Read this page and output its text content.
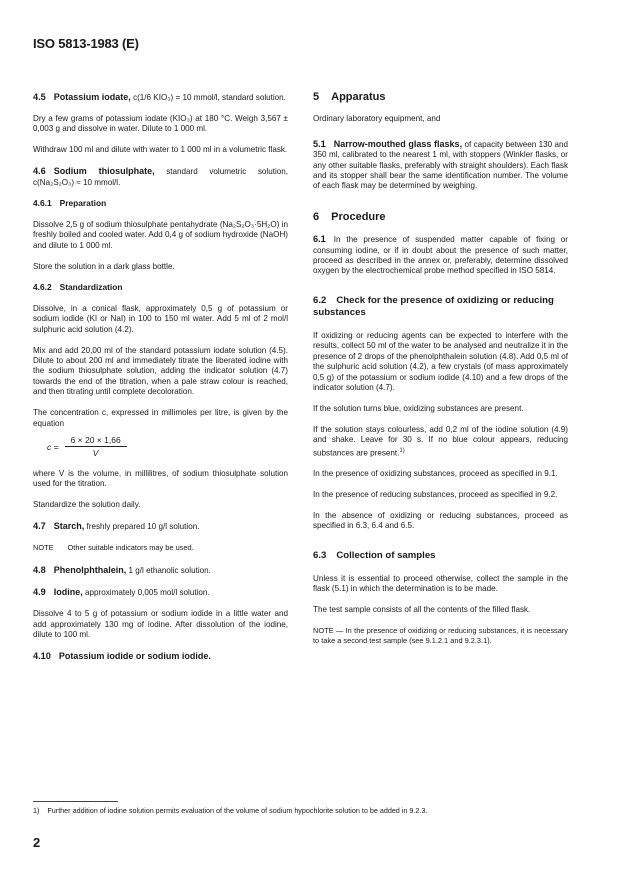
ISO 5813-1983 (E)

4.5 Potassium iodate, c(1/6 KIO₃) = 10 mmol/l, standard solution.

Dry a few grams of potassium iodate (KIO₃) at 180 °C. Weigh 3,567 ± 0,003 g and dissolve in water. Dilute to 1 000 ml.

Withdraw 100 ml and dilute with water to 1 000 ml in a volumetric flask.

4.6 Sodium thiosulphate, standard volumetric solution, c(Na₂S₂O₃) ≈ 10 mmol/l.

4.6.1 Preparation

Dissolve 2,5 g of sodium thiosulphate pentahydrate (Na₂S₂O₃·5H₂O) in freshly boiled and cooled water. Add 0,4 g of sodium hydroxide (NaOH) and dilute to 1 000 ml.

Store the solution in a dark glass bottle.

4.6.2 Standardization

Dissolve, in a conical flask, approximately 0,5 g of potassium or sodium iodide (KI or NaI) in 100 to 150 ml water. Add 5 ml of 2 mol/l sulphuric acid solution (4.2).

Mix and add 20,00 ml of the standard potassium iodate solution (4.5). Dilute to about 200 ml and immediately titrate the liberated iodine with the sodium thiosulphate solution, adding the indicator solution (4.7) towards the end of the titration, when a pale straw colour is reached, and then titrating until complete decoloration.

The concentration c, expressed in millimoles per litre, is given by the equation

$c = \frac{6 \times 20 \times 1,66}{V}$

where V is the volume, in millilitres, of sodium thiosulphate solution used for the titration.

Standardize the solution daily.

4.7 Starch, freshly prepared 10 g/l solution.

NOTE Other suitable indicators may be used.

4.8 Phenolphthalein, 1 g/l ethanolic solution.

4.9 Iodine, approximately 0,005 mol/l solution.

Dissolve 4 to 5 g of potassium or sodium iodide in a little water and add approximately 130 mg of iodine. After dissolution of the iodine, dilute to 100 ml.

4.10 Potassium iodide or sodium iodide.

5 Apparatus

Ordinary laboratory equipment, and

5.1 Narrow-mouthed glass flasks, of capacity between 130 and 350 ml, calibrated to the nearest 1 ml, with stoppers (Winkler flasks, or any other suitable flasks, preferably with straight shoulders). Each flask and its stopper shall bear the same identification number. The volume of each flask may be determined by weighing.

6 Procedure

6.1 In the presence of suspended matter capable of fixing or consuming iodine, or if in doubt about the presence of such matter, proceed as described in the annex or, preferably, determine dissolved oxygen by the electrochemical probe method specified in ISO 5814.

6.2 Check for the presence of oxidizing or reducing substances

If oxidizing or reducing agents can be expected to interfere with the results, collect 50 ml of the water to be analysed and neutralize it in the presence of 2 drops of the phenolphthalein solution (4.8). Add 0,5 ml of the sulphuric acid solution (4.2), a few crystals (of mass approximately 0,5 g) of the potassium or sodium iodide (4.10) and a few drops of the indicator solution (4.7).

If the solution turns blue, oxidizing substances are present.

If the solution stays colourless, add 0,2 ml of the iodine solution (4.9) and shake. Leave for 30 s. If no blue colour appears, reducing substances are present.$^{1)}$

In the presence of oxidizing substances, proceed as specified in 9.1.

In the presence of reducing substances, proceed as specified in 9.2.

In the absence of oxidizing or reducing substances, proceed as specified in 6.3, 6.4 and 6.5.

6.3 Collection of samples

Unless it is essential to proceed otherwise, collect the sample in the flask (5.1) in which the determination is to be made.

The test sample consists of all the contents of the filled flask.

NOTE — In the presence of oxidizing or reducing substances, it is necessary to take a second test sample (see 9.1.2.1 and 9.2.3.1).
1) Further addition of iodine solution permits evaluation of the volume of sodium hypochlorite solution to be added in 9.2.3.
2
